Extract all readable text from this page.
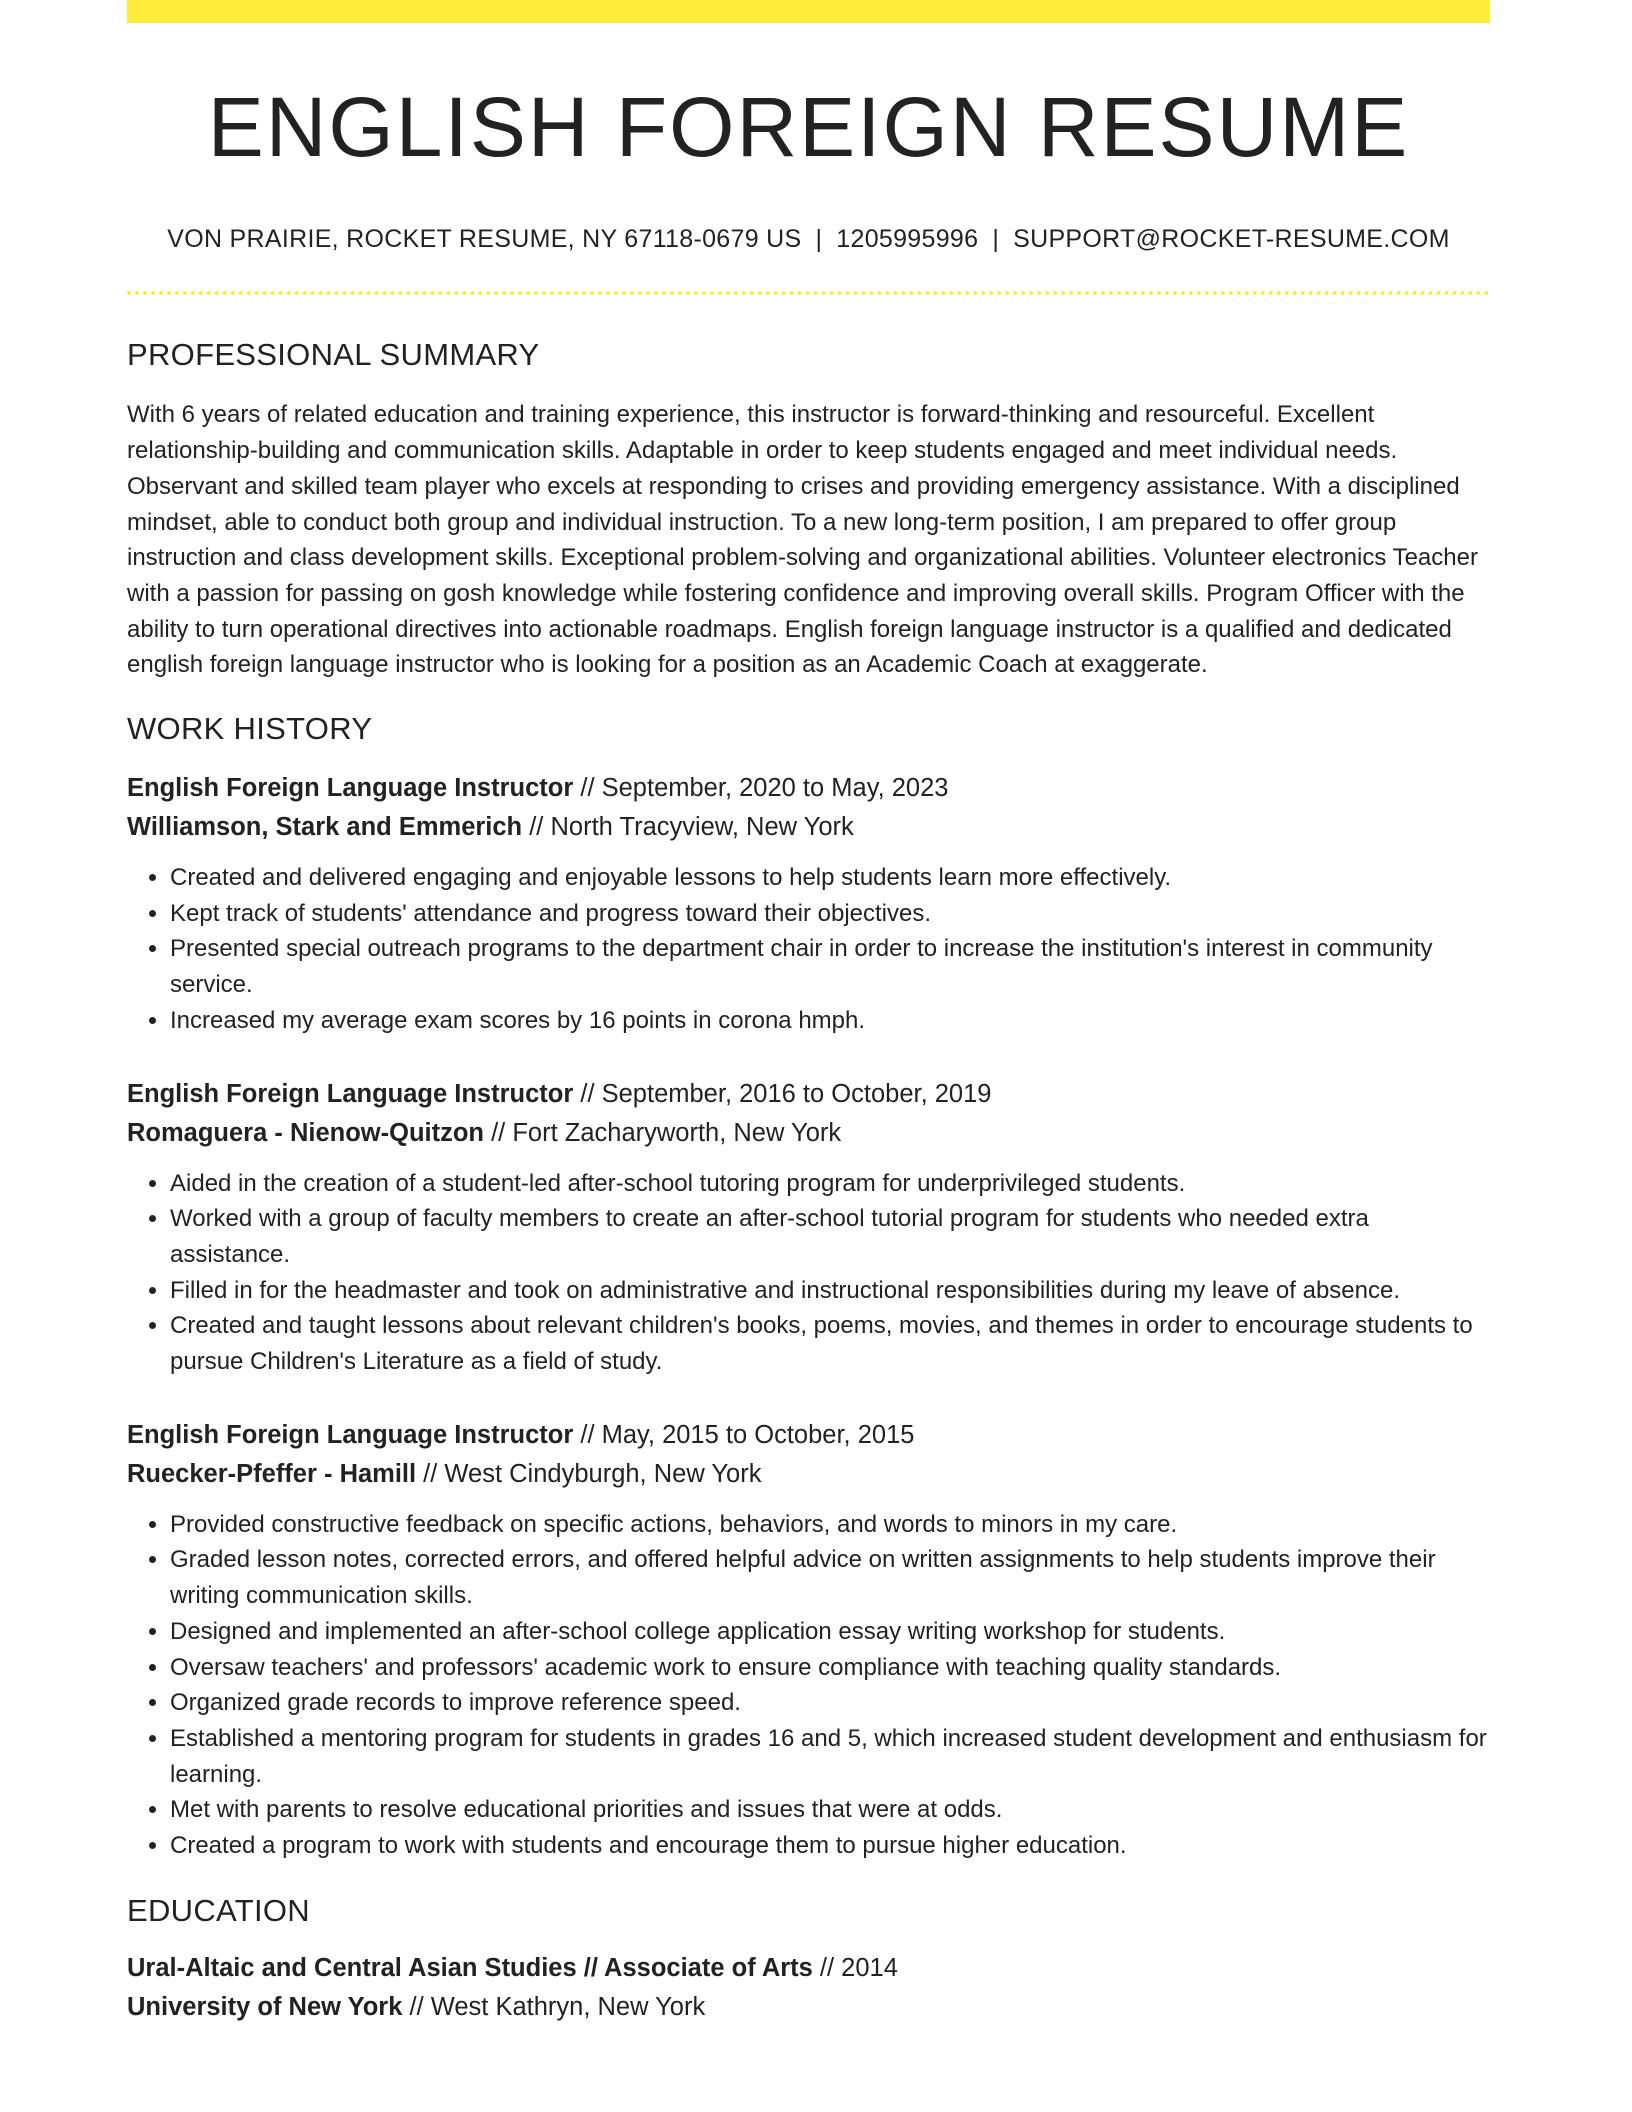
ENGLISH FOREIGN RESUME
VON PRAIRIE, ROCKET RESUME, NY 67118-0679 US | 1205995996 | SUPPORT@ROCKET-RESUME.COM
PROFESSIONAL SUMMARY
With 6 years of related education and training experience, this instructor is forward-thinking and resourceful. Excellent relationship-building and communication skills. Adaptable in order to keep students engaged and meet individual needs. Observant and skilled team player who excels at responding to crises and providing emergency assistance. With a disciplined mindset, able to conduct both group and individual instruction. To a new long-term position, I am prepared to offer group instruction and class development skills. Exceptional problem-solving and organizational abilities. Volunteer electronics Teacher with a passion for passing on gosh knowledge while fostering confidence and improving overall skills. Program Officer with the ability to turn operational directives into actionable roadmaps. English foreign language instructor is a qualified and dedicated english foreign language instructor who is looking for a position as an Academic Coach at exaggerate.
WORK HISTORY
English Foreign Language Instructor // September, 2020 to May, 2023
Williamson, Stark and Emmerich // North Tracyview, New York
• Created and delivered engaging and enjoyable lessons to help students learn more effectively.
• Kept track of students' attendance and progress toward their objectives.
• Presented special outreach programs to the department chair in order to increase the institution's interest in community service.
• Increased my average exam scores by 16 points in corona hmph.
English Foreign Language Instructor // September, 2016 to October, 2019
Romaguera - Nienow-Quitzon // Fort Zacharyworth, New York
• Aided in the creation of a student-led after-school tutoring program for underprivileged students.
• Worked with a group of faculty members to create an after-school tutorial program for students who needed extra assistance.
• Filled in for the headmaster and took on administrative and instructional responsibilities during my leave of absence.
• Created and taught lessons about relevant children's books, poems, movies, and themes in order to encourage students to pursue Children's Literature as a field of study.
English Foreign Language Instructor // May, 2015 to October, 2015
Ruecker-Pfeffer - Hamill // West Cindyburgh, New York
• Provided constructive feedback on specific actions, behaviors, and words to minors in my care.
• Graded lesson notes, corrected errors, and offered helpful advice on written assignments to help students improve their writing communication skills.
• Designed and implemented an after-school college application essay writing workshop for students.
• Oversaw teachers' and professors' academic work to ensure compliance with teaching quality standards.
• Organized grade records to improve reference speed.
• Established a mentoring program for students in grades 16 and 5, which increased student development and enthusiasm for learning.
• Met with parents to resolve educational priorities and issues that were at odds.
• Created a program to work with students and encourage them to pursue higher education.
EDUCATION
Ural-Altaic and Central Asian Studies // Associate of Arts // 2014
University of New York // West Kathryn, New York
